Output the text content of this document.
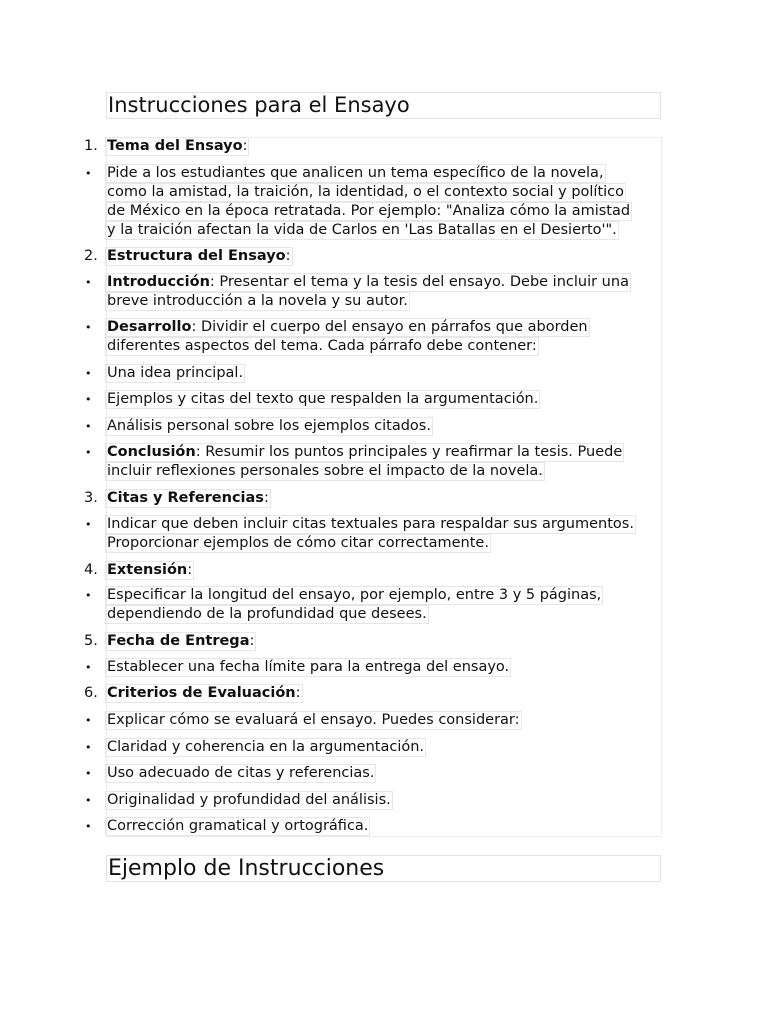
Instrucciones para el Ensayo
1. Tema del Ensayo:
• Pide a los estudiantes que analicen un tema específico de la novela,
como la amistad, la traición, la identidad, o el contexto social y político
de México en la época retratada. Por ejemplo: "Analiza cómo la amistad
y la traición afectan la vida de Carlos en 'Las Batallas en el Desierto'".
2. Estructura del Ensayo:
• Introducción: Presentar el tema y la tesis del ensayo. Debe incluir una
breve introducción a la novela y su autor.
• Desarrollo: Dividir el cuerpo del ensayo en párrafos que aborden
diferentes aspectos del tema. Cada párrafo debe contener:
• Una idea principal.
• Ejemplos y citas del texto que respalden la argumentación.
• Análisis personal sobre los ejemplos citados.
• Conclusión: Resumir los puntos principales y reafirmar la tesis. Puede
incluir reflexiones personales sobre el impacto de la novela.
3. Citas y Referencias:
• Indicar que deben incluir citas textuales para respaldar sus argumentos.
Proporcionar ejemplos de cómo citar correctamente.
4. Extensión:
• Especificar la longitud del ensayo, por ejemplo, entre 3 y 5 páginas,
dependiendo de la profundidad que desees.
5. Fecha de Entrega:
• Establecer una fecha límite para la entrega del ensayo.
6. Criterios de Evaluación:
• Explicar cómo se evaluará el ensayo. Puedes considerar:
• Claridad y coherencia en la argumentación.
• Uso adecuado de citas y referencias.
• Originalidad y profundidad del análisis.
• Corrección gramatical y ortográfica.
Ejemplo de Instrucciones
